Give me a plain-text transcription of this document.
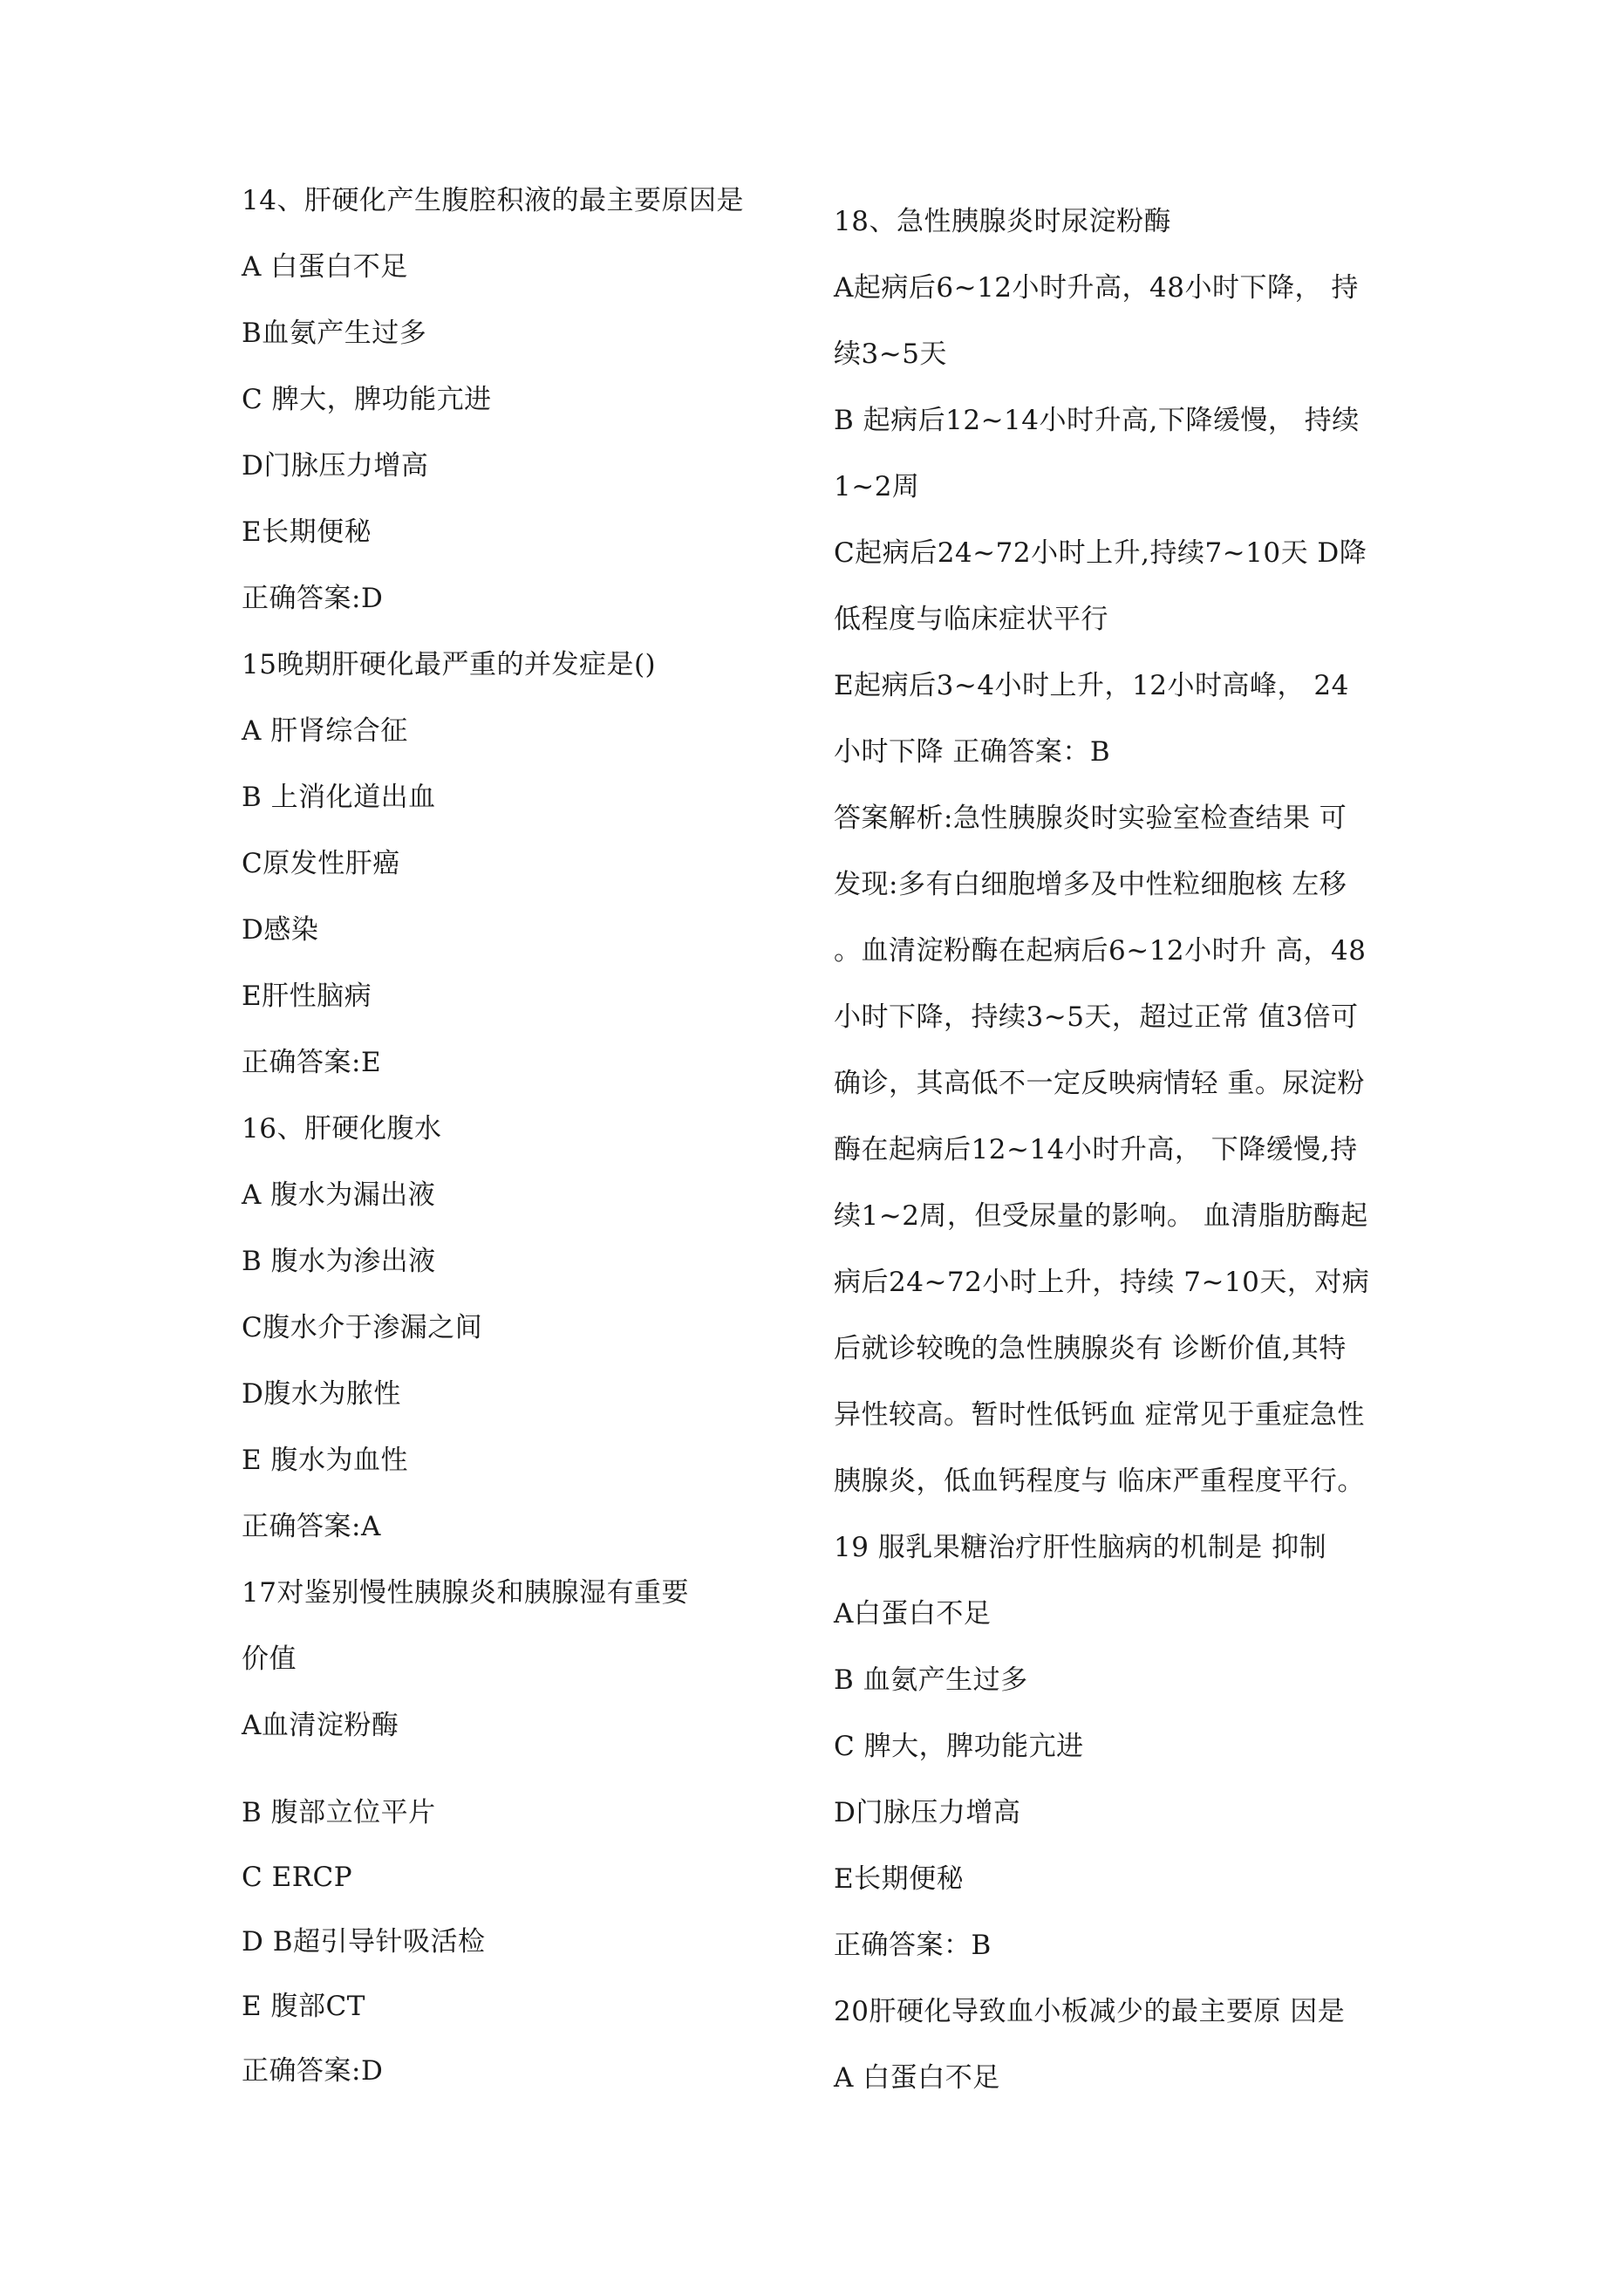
14、肝硬化产生腹腔积液的最主要原因是
A 白蛋白不足
B血氨产生过多
C 脾大，脾功能亢进
D门脉压力增高
E长期便秘
正确答案:D
15晚期肝硬化最严重的并发症是()
A 肝肾综合征
B 上消化道出血
C原发性肝癌
D感染
E肝性脑病
正确答案:E
16、肝硬化腹水
A 腹水为漏出液
B 腹水为渗出液
C腹水介于渗漏之间
D腹水为脓性
E 腹水为血性
正确答案:A
17对鉴别慢性胰腺炎和胰腺湿有重要
价值
A血清淀粉酶
B 腹部立位平片
C ERCP
D B超引导针吸活检
E 腹部CT
正确答案:D
18、急性胰腺炎时尿淀粉酶
A起病后6~12小时升高，48小时下降， 持
续3~5天
B 起病后12~14小时升高,下降缓慢， 持续
1~2周
C起病后24~72小时上升,持续7~10天 D降
低程度与临床症状平行
E起病后3~4小时上升，12小时高峰， 24
小时下降 正确答案：B
答案解析:急性胰腺炎时实验室检查结果 可
发现:多有白细胞增多及中性粒细胞核 左移
。血清淀粉酶在起病后6~12小时升 高，48
小时下降，持续3~5天，超过正常 值3倍可
确诊，其高低不一定反映病情轻 重。尿淀粉
酶在起病后12~14小时升高， 下降缓慢,持
续1~2周，但受尿量的影响。 血清脂肪酶起
病后24~72小时上升，持续 7~10天，对病
后就诊较晚的急性胰腺炎有 诊断价值,其特
异性较高。暂时性低钙血 症常见于重症急性
胰腺炎，低血钙程度与 临床严重程度平行。
19 服乳果糖治疗肝性脑病的机制是 抑制
A白蛋白不足
B 血氨产生过多
C 脾大，脾功能亢进
D门脉压力增高
E长期便秘
正确答案：B
20肝硬化导致血小板减少的最主要原 因是
A 白蛋白不足
